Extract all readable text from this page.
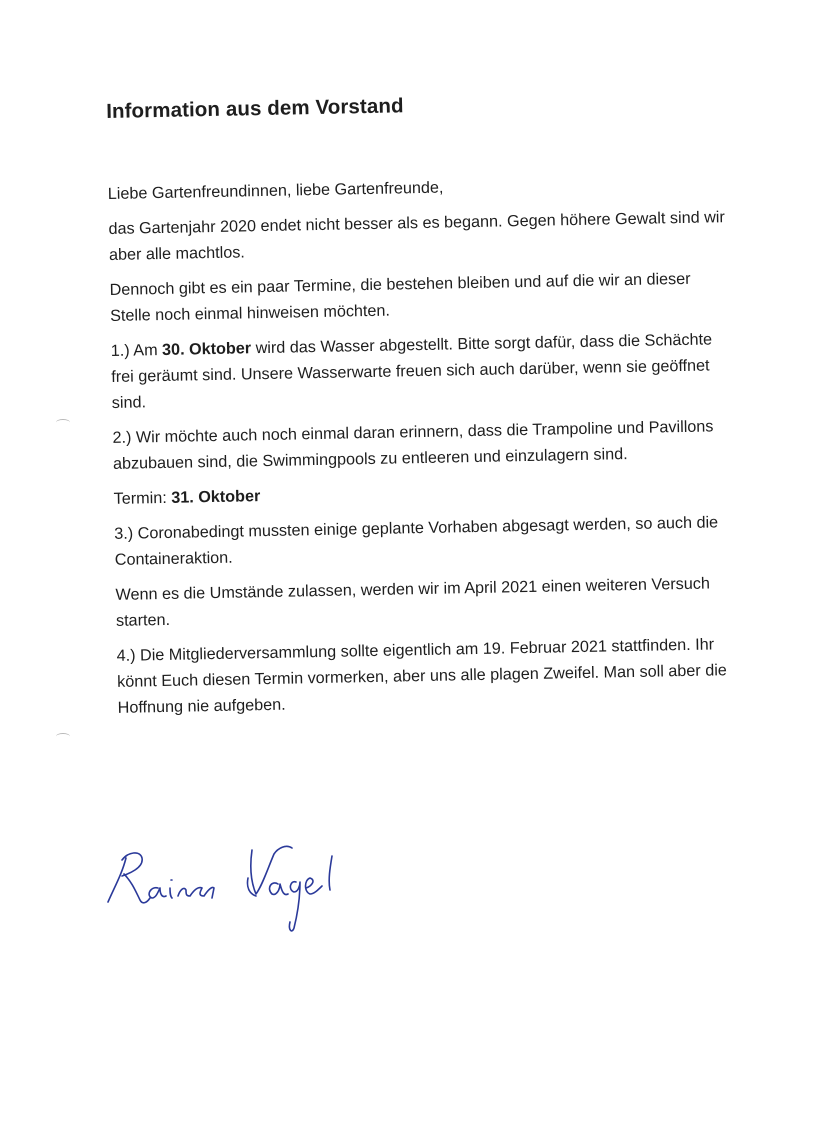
Information aus dem Vorstand

Liebe Gartenfreundinnen, liebe Gartenfreunde,

das Gartenjahr 2020 endet nicht besser als es begann. Gegen höhere Gewalt sind wir aber alle machtlos.

Dennoch gibt es ein paar Termine, die bestehen bleiben und auf die wir an dieser Stelle noch einmal hinweisen möchten.

1.) Am 30. Oktober wird das Wasser abgestellt. Bitte sorgt dafür, dass die Schächte frei geräumt sind. Unsere Wasserwarte freuen sich auch darüber, wenn sie geöffnet sind.

2.) Wir möchte auch noch einmal daran erinnern, dass die Trampoline und Pavillons abzubauen sind, die Swimmingpools zu entleeren und einzulagern sind.

Termin: 31. Oktober

3.) Coronabedingt mussten einige geplante Vorhaben abgesagt werden, so auch die Containeraktion.

Wenn es die Umstände zulassen, werden wir im April 2021 einen weiteren Versuch starten.

4.) Die Mitgliederversammlung sollte eigentlich am 19. Februar 2021 stattfinden. Ihr könnt Euch diesen Termin vormerken, aber uns alle plagen Zweifel. Man soll aber die Hoffnung nie aufgeben.
